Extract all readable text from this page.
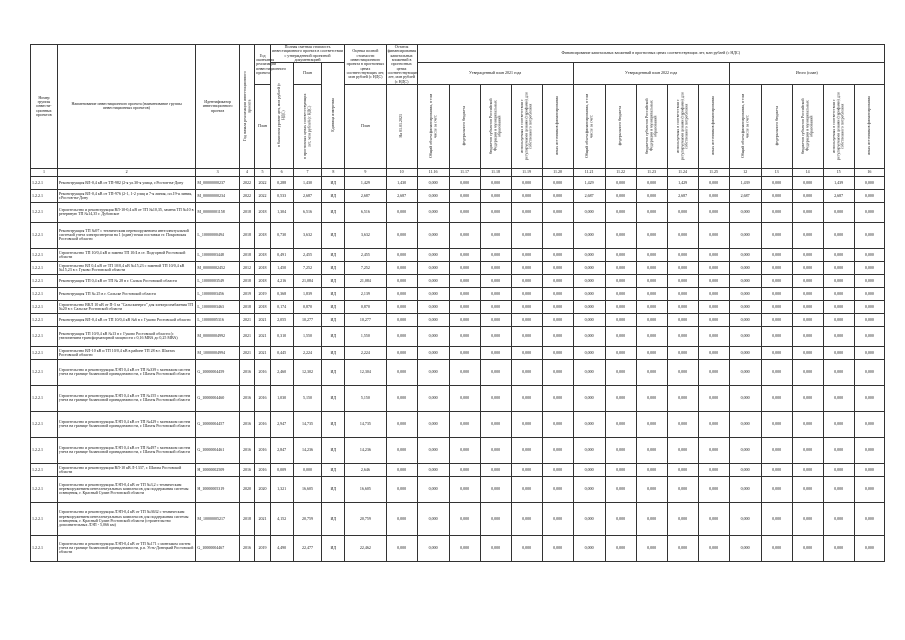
Номер группы инвести-ционных проектов	Наименование инвестиционного проекта (наименование группы инвестиционных проектов)	Идентификатор инвестиционного проекта	Год начала реализации инвестиционного проекта	Год окончания реализации инвестиционного проекта	Полная сметная стоимость инвестиционного проекта в соответствии с утвержденной проектной документацией			Оценка полной стоимости инвестиционного проекта в прогнозных ценах соответствующих лет, млн рублей (с НДС)	Остаток финансирования капитальных вложений в прогнозных ценах соответствующих лет, млн рублей (с НДС)	Финансирование капитальных вложений в прогнозных ценах соответствующих лет, млн рублей (с НДС)														
					в базисном уровне цен, млн рублей (с НДС)	План	Единица измерения			Утвержденный план 2021 года					Утвержденный план 2022 года					Итого (план)				
				План		в прогнозных ценах соответствующих лет, млн рублей (с НДС)		План	На 01.01.2021	Общий объем финансирования, в том числе за счет:	федерального бюджета	бюджетов субъектов Российской Федерации и муниципальных образований	используемых в соответствии с регулируемыми ценами (тарифами) для собственного потребления	иных источников финансирования	Общий объем финансирования, в том числе за счет:	федерального бюджета	бюджетов субъектов Российской Федерации и муниципальных образований	используемых в соответствии с регулируемыми ценами (тарифами) для собственного потребления	иных источников финансирования	Общий объем финансирования, в том числе за счет:	федерального бюджета	бюджетов субъектов Российской Федерации и муниципальных образований	используемых в соответствии с регулируемыми ценами (тарифами) для собственного потребления	иных источников финансирования
1	2	3	4	5	6	7	8	9	10	11.16	11.17	11.18	11.19	11.20	11.21	11.22	11.23	11.24	11.25	12	13	14	15	16
1.2.2.1	Реконструкция ВЛ-0,4 кВ от ТП-982 (2-я ул.30-я улица, г.Ростов-на-Дону	М_00000000237	2022	2022	0,288	1,430	ИД	1,429	1,430	0,000	0,000	0,000	0,000	0,000	1,429	0,000	0,000	1,429	0,000	1,439	0,000	0,000	1,439	0,000
1.2.2.1	Реконструкция ВЛ-0,4 кВ от ТП-976 (2-1, 1-2 улиц и 7-я линия, пл.19-я линия, г.Ростов-на-Дону	М_00000000234	2022	2022	0,533	2,687	ИД	2,687	2,687	0,000	0,000	0,000	0,000	0,000	2,687	0,000	0,000	2,687	0,000	2,687	0,000	0,000	2,687	0,000
1.2.2.1	Строительство и реконструкция ВЛ-10-0,4 кВ от ТП №10,35, замена ТП №10 в резервную ТП №14,35 г. Дубовское	М_00000001158	2018	2018	1,304	6,516	ИД	6,516	0,000	0,000	0,000	0,000	0,000	0,000	0,000	0,000	0,000	0,000	0,000	0,000	0,000	0,000	0,000	0,000
1.2.2.1	Реконструкция ТП №97 с техническим перевооружением интеллектуальной системой учета электроэнергии на 1 (один) точки поставки ст. Покровская Ростовской области	L_10000000494	2018	2018	0,730	3,632	ИД	3,632	0,000	0,000	0,000	0,000	0,000	0,000	0,000	0,000	0,000	0,000	0,000	0,000	0,000	0,000	0,000	0,000
1.2.2.1	Строительство ТП 10/0,4 кВ и замена ТП 10/4 в ст. Подгорной Ростовской области	L_10000003448	2018	2018	0,491	2,455	ИД	2,455	0,000	0,000	0,000	0,000	0,000	0,000	0,000	0,000	0,000	0,000	0,000	0,000	0,000	0,000	0,000	0,000
1.2.2.1	Строительство ВЛ 0,4 кВ от ТП 10/0,4 кВ №15,23 с заменой ТП 10/0,4 кВ №15,23 в г. Гуково Ростовской области	М_00000002452	2012	2018	1,450	7,252	ИД	7,252	0,000	0,000	0,000	0,000	0,000	0,000	0,000	0,000	0,000	0,000	0,000	0,000	0,000	0,000	0,000	0,000
1.2.2.1	Реконструкция ТП 0,4 кВ от ТП № 28 в г. Сальск Ростовской области	L_10000003549	2018	2018	4,216	21,084	ИД	21,084	0,000	0,000	0,000	0,000	0,000	0,000	0,000	0,000	0,000	0,000	0,000	0,000	0,000	0,000	0,000	0,000
1.2.2.1	Реконструкция ТП № 25 в г. Сальске Ростовской области	L_10000003456	2019	2019	0,368	1,839	ИД	2,139	0,000	0,000	0,000	0,000	0,000	0,000	0,000	0,000	0,000	0,000	0,000	0,000	0,000	0,000	0,000	0,000
1.2.2.1	Строительство ВКЛ 10 кВ от П-3 за "Сальскэнерго" для электроснабжения ТП №20 в г. Сальске Ростовской области	L_10000003463	2018	2018	0,174	0,870	ИД	0,870	0,000	0,000	0,000	0,000	0,000	0,000	0,000	0,000	0,000	0,000	0,000	0,000	0,000	0,000	0,000	0,000
1.2.2.1	Реконструкция ВЛ-0,4 кВ от ТП 10/0,4 кВ №6 в г. Гуково Ростовской области	L_10000005316	2021	2021	2,055	10,277	ИД	10,277	0,000	0,000	0,000	0,000	0,000	0,000	0,000	0,000	0,000	0,000	0,000	0,000	0,000	0,000	0,000	0,000
1.2.2.1	Реконструкция ТП 10/0,4 кВ №13 в г. Гуково Ростовской области (с увеличением трансформаторной мощности с 0,16 МВА до 0,25 МВА)	М_00000004992	2021	2021	0,310	1,550	ИД	1,550	0,000	0,000	0,000	0,000	0,000	0,000	0,000	0,000	0,000	0,000	0,000	0,000	0,000	0,000	0,000	0,000
1.2.2.1	Строительство ВЛ-10 кВ и ТП 10/0,4 кВ в районе ТП 28 в г. Шахтах Ростовской области	М_10000004994	2021	2021	0,445	2,224	ИД	2,224	0,000	0,000	0,000	0,000	0,000	0,000	0,000	0,000	0,000	0,000	0,000	0,000	0,000	0,000	0,000	0,000
1.2.2.1	Строительство и реконструкция ЛЭП 0,4 кВ от ТП №339 с монтажом систем учета на границе балансовой принадлежности, г. Шахты Ростовской области	G_10000004459	2016	2016	2,460	12,302	ИД	12,304	0,000	0,000	0,000	0,000	0,000	0,000	0,000	0,000	0,000	0,000	0,000	0,000	0,000	0,000	0,000	0,000
1.2.2.1	Строительство и реконструкция ЛЭП 0,4 кВ от ТП №155 с монтажом систем учета на границе балансовой принадлежности, г. Шахты Ростовской области	G_10000004460	2016	2016	1,030	5,150	ИД	5,150	0,000	0,000	0,000	0,000	0,000	0,000	0,000	0,000	0,000	0,000	0,000	0,000	0,000	0,000	0,000	0,000
1.2.2.1	Строительство и реконструкция ЛЭП 0,4 кВ от ТП №429 с монтажом систем учета на границе балансовой принадлежности, г. Шахты Ростовской области	G_10000004457	2016	2016	2,947	14,735	ИД	14,735	0,000	0,000	0,000	0,000	0,000	0,000	0,000	0,000	0,000	0,000	0,000	0,000	0,000	0,000	0,000	0,000
1.2.2.1	Строительство и реконструкция ЛЭП 0,4 кВ от ТП №497 с монтажом систем учета на границе балансовой принадлежности, г. Шахты Ростовской области	G_10000004461	2016	2016	2,847	14,236	ИД	14,236	0,000	0,000	0,000	0,000	0,000	0,000	0,000	0,000	0,000	0,000	0,000	0,000	0,000	0,000	0,000	0,000
1.2.2.1	Строительство и реконструкция ВЛ-10 кВ Л-1337, г. Шахты Ростовской области	H_10000002509	2016	2016	0,009	0,000	ИД	2,646	0,000	0,000	0,000	0,000	0,000	0,000	0,000	0,000	0,000	0,000	0,000	0,000	0,000	0,000	0,000	0,000
1.2.2.1	Строительство и реконструкция ЛЭП-0,4 кВ от ТП №3,2 с техническим перевооружением интеллектуальных комплексов для поддержания системы освещения, г. Красный Сулин Ростовской области	H_10000005319	2020	2020	1,321	16,605	ИД	16,605	0,000	0,000	0,000	0,000	0,000	0,000	0,000	0,000	0,000	0,000	0,000	0,000	0,000	0,000	0,000	0,000
1.2.2.1	Строительство и реконструкция ЛЭП-0,4 кВ от ТП №3632 с техническим перевооружением интеллектуальных комплексов для поддержания системы освещения, г. Красный Сулин Ростовской области (строительство дополнительных ЛЭП - 5,066 км)	М_10000005217	2018	2021	4,152	20,759	ИД	20,759	0,000	0,000	0,000	0,000	0,000	0,000	0,000	0,000	0,000	0,000	0,000	0,000	0,000	0,000	0,000	0,000
1.2.2.1	Строительство и реконструкция ЛЭП-0,4 кВ от ТП №171 с монтажом систем учета на границе балансовой принадлежности, р.п. Усть-Донецкий Ростовской области	G_10000004467	2016	2019	4,490	22,477	ИД	22,462	0,000	0,000	0,000	0,000	0,000	0,000	0,000	0,000	0,000	0,000	0,000	0,000	0,000	0,000	0,000	0,000
